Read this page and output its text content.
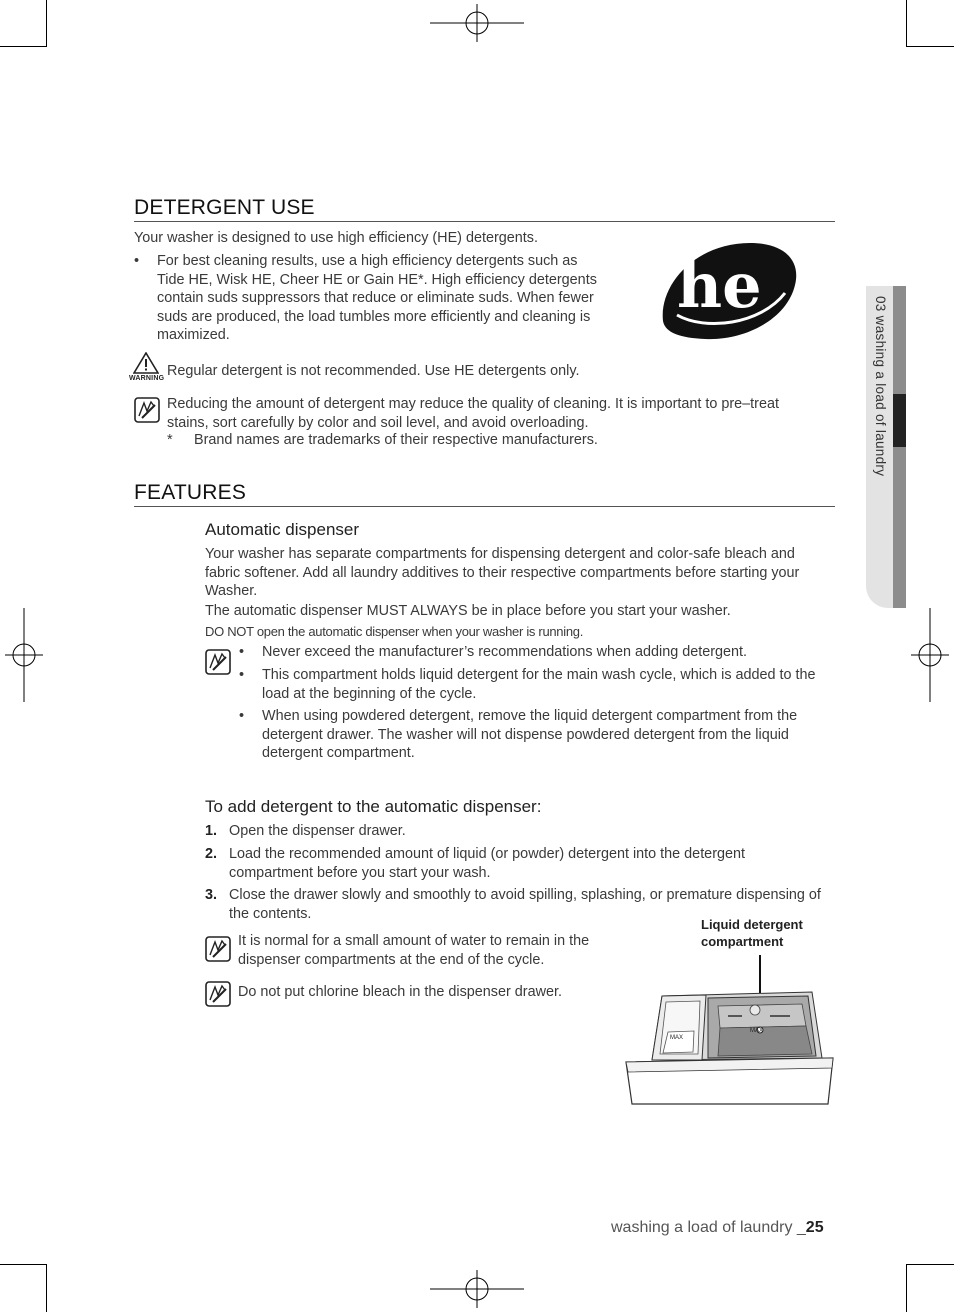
03 washing a load of laundry
DETERGENT USE
Your washer is designed to use high efficiency (HE) detergents.
• For best cleaning results, use a high efficiency detergents such as
Tide HE, Wisk HE, Cheer HE or Gain HE*. High efficiency detergents
contain suds suppressors that reduce or eliminate suds. When fewer
suds are produced, the load tumbles more efficiently and cleaning is
maximized.
he
WARNING Regular detergent is not recommended. Use HE detergents only.
Reducing the amount of detergent may reduce the quality of cleaning. It is important to pre–treat
stains, sort carefully by color and soil level, and avoid overloading.
* Brand names are trademarks of their respective manufacturers.
FEATURES
Automatic dispenser
Your washer has separate compartments for dispensing detergent and color-safe bleach and
fabric softener. Add all laundry additives to their respective compartments before starting your
Washer.
The automatic dispenser MUST ALWAYS be in place before you start your washer.
DO NOT open the automatic dispenser when your washer is running.
• Never exceed the manufacturer’s recommendations when adding detergent.
• This compartment holds liquid detergent for the main wash cycle, which is added to the
load at the beginning of the cycle.
• When using powdered detergent, remove the liquid detergent compartment from the
detergent drawer. The washer will not dispense powdered detergent from the liquid
detergent compartment.
To add detergent to the automatic dispenser:
1. Open the dispenser drawer.
2. Load the recommended amount of liquid (or powder) detergent into the detergent
compartment before you start your wash.
3. Close the drawer slowly and smoothly to avoid spilling, splashing, or premature dispensing of
the contents.
It is normal for a small amount of water to remain in the
dispenser compartments at the end of the cycle.
Do not put chlorine bleach in the dispenser drawer.
Liquid detergent
compartment
MAX
MAX
washing a load of laundry _25
